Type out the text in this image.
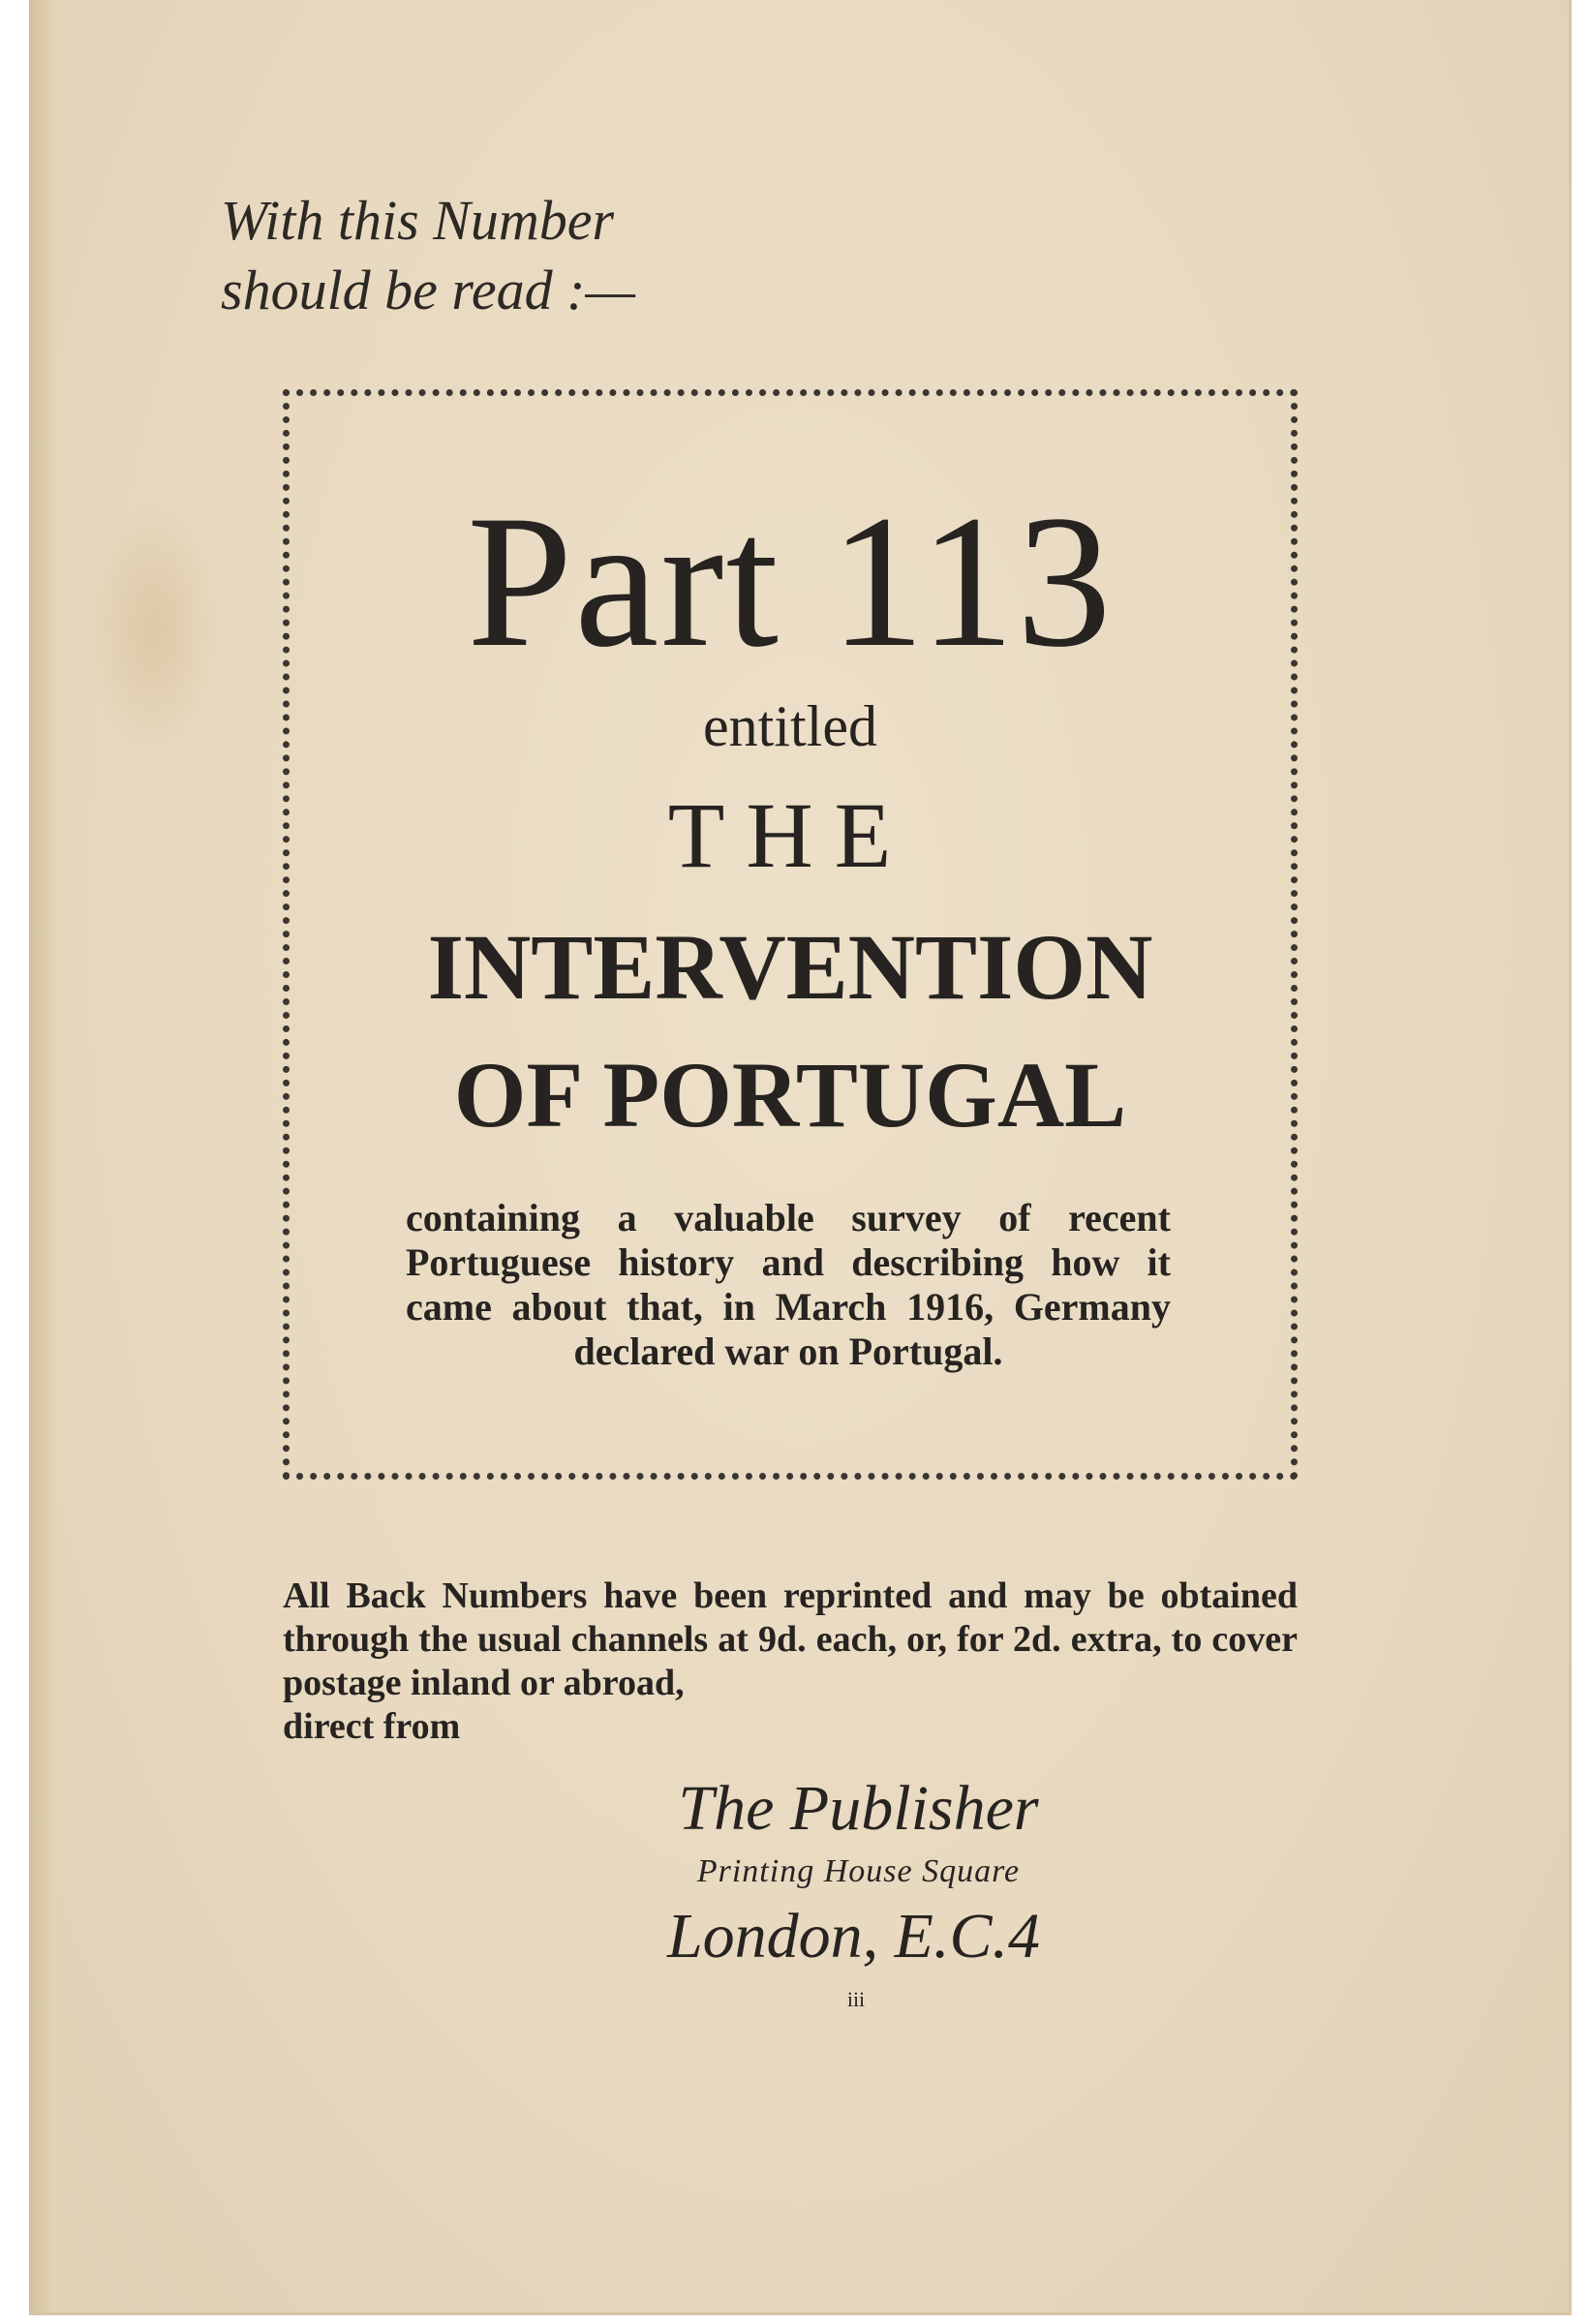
With this Number
should be read :—
Part 113
entitled
THE
INTERVENTION
OF PORTUGAL
containing a valuable survey of recent Portuguese history and describing how it came about that, in March 1916, Germany declared war on Portugal.
All Back Numbers have been reprinted and may be obtained through the usual channels at 9d. each, or, for 2d. extra, to cover postage inland or abroad,
direct from
The Publisher
Printing House Square
London, E.C.4
iii
